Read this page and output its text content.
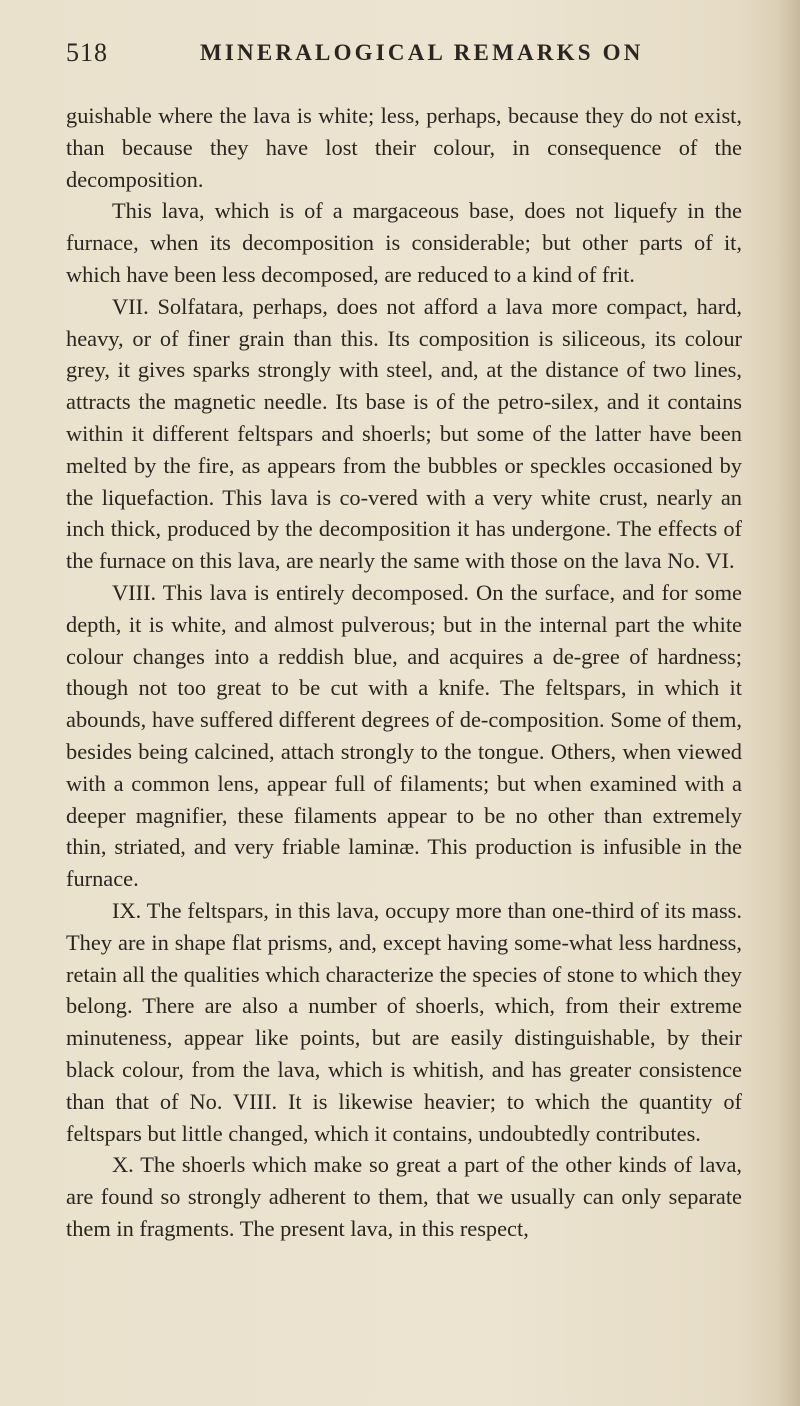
518	MINERALOGICAL REMARKS ON

guishable where the lava is white; less, perhaps, because they do not exist, than because they have lost their colour, in consequence of the decomposition.

This lava, which is of a margaceous base, does not liquefy in the furnace, when its decomposition is considerable; but other parts of it, which have been less decomposed, are reduced to a kind of frit.

VII. Solfatara, perhaps, does not afford a lava more compact, hard, heavy, or of finer grain than this. Its composition is siliceous, its colour grey, it gives sparks strongly with steel, and, at the distance of two lines, attracts the magnetic needle. Its base is of the petro-silex, and it contains within it different feltspars and shoerls; but some of the latter have been melted by the fire, as appears from the bubbles or speckles occasioned by the liquefaction. This lava is co-vered with a very white crust, nearly an inch thick, produced by the decomposition it has undergone. The effects of the furnace on this lava, are nearly the same with those on the lava No. VI.

VIII. This lava is entirely decomposed. On the surface, and for some depth, it is white, and almost pulverous; but in the internal part the white colour changes into a reddish blue, and acquires a de-gree of hardness; though not too great to be cut with a knife. The feltspars, in which it abounds, have suffered different degrees of de-composition. Some of them, besides being calcined, attach strongly to the tongue. Others, when viewed with a common lens, appear full of filaments; but when examined with a deeper magnifier, these filaments appear to be no other than extremely thin, striated, and very friable laminæ. This production is infusible in the furnace.

IX. The feltspars, in this lava, occupy more than one-third of its mass. They are in shape flat prisms, and, except having some-what less hardness, retain all the qualities which characterize the species of stone to which they belong. There are also a number of shoerls, which, from their extreme minuteness, appear like points, but are easily distinguishable, by their black colour, from the lava, which is whitish, and has greater consistence than that of No. VIII. It is likewise heavier; to which the quantity of feltspars but little changed, which it contains, undoubtedly contributes.

X. The shoerls which make so great a part of the other kinds of lava, are found so strongly adherent to them, that we usually can only separate them in fragments. The present lava, in this respect,
